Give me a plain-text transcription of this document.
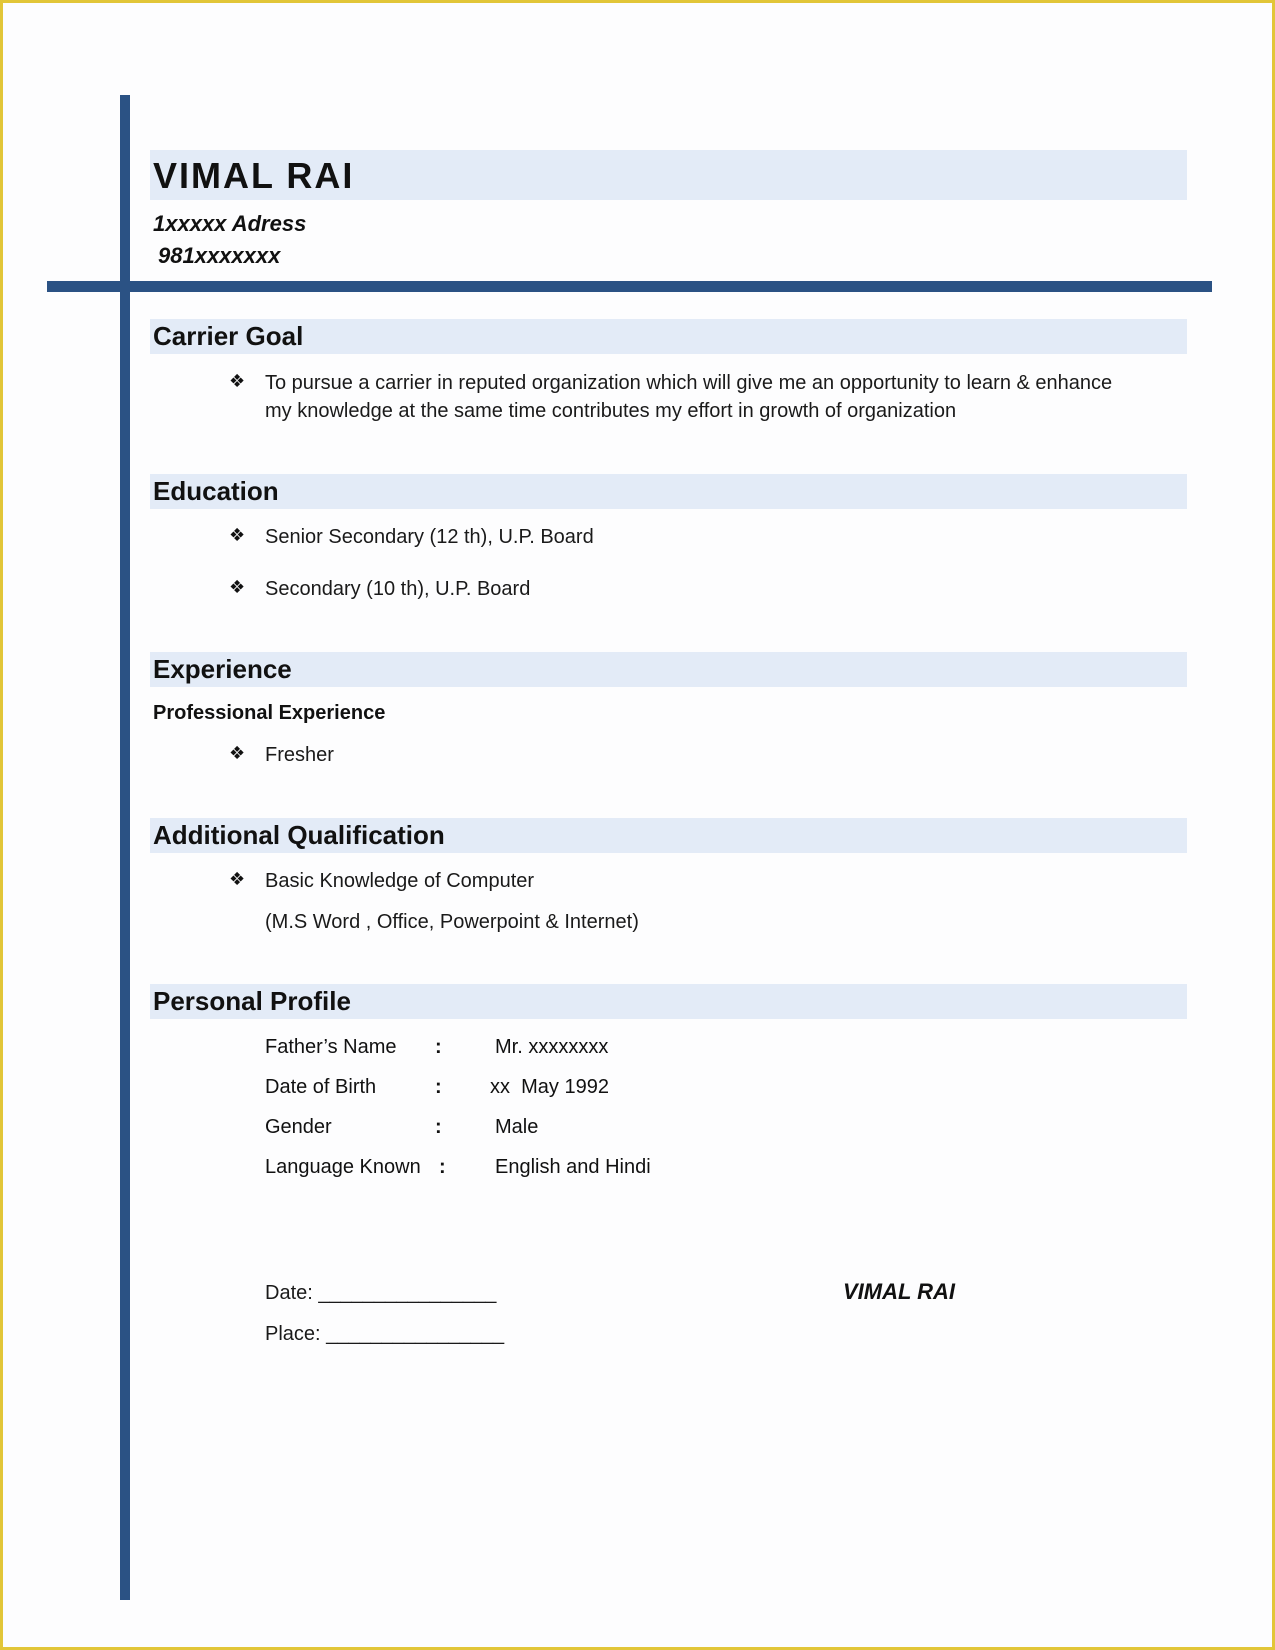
VIMAL RAI
1xxxxx Adress
981xxxxxxx
Carrier Goal
❖ To pursue a carrier in reputed organization which will give me an opportunity to learn & enhance
my knowledge at the same time contributes my effort in growth of organization
Education
❖ Senior Secondary (12 th), U.P. Board
❖ Secondary (10 th), U.P. Board
Experience
Professional Experience
❖ Fresher
Additional Qualification
❖ Basic Knowledge of Computer
(M.S Word , Office, Powerpoint & Internet)
Personal Profile
Father’s Name :	Mr. xxxxxxxx
Date of Birth	: xx  May 1992
Gender	:	Male
Language Known : English and Hindi
Date: ________________
Place: ________________
VIMAL RAI
